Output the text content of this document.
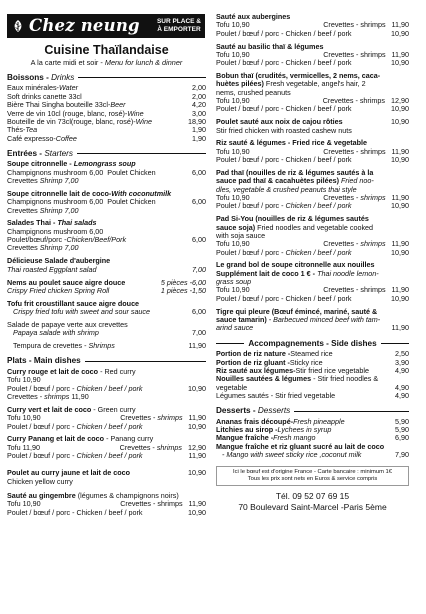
Chez neung	SUR PLACE &
À EMPORTER
Cuisine Thaïlandaise
A la carte midi et soir - Menu for lunch & dinner
Boissons - Drinks
Eaux minérales-Water	2,00
Soft drinks canette 33cl	2,00
Bière Thai Singha bouteille 33cl-Beer	4,20
Verre de vin 10cl (rouge, blanc, rosé)-Wine	3,00
Bouteille de vin 73cl(rouge, blanc, rosé)-Wine	18,90
Thés-Tea	1,90
Café expresso-Coffee	1,90
Entrées - Starters
Soupe citronnelle - Lemongrass soup
Champignons mushroom 6,00 Poulet Chicken	6,00
Crevettes Shrimp 7,00
Soupe citronnelle lait de coco-With coconutmilk
Champignons mushroom 6,00 Poulet Chicken	6,00
Crevettes Shrimp 7,00
Salades Thai - Thai salads
Champignons mushroom 6,00
Poulet/bœuf/porc -Chicken/Beef/Pork	6,00
Crevettes Shrimp 7,00
Délicieuse Salade d'aubergine
Thai roasted Eggplant salad	7,00
Nems au poulet sauce aigre douce	5 pièces -6,00
Crispy Fried chicken Spring Roll	1 pièces -1,50
Tofu frit croustillant sauce aigre douce
Crispy fried tofu with sweet and sour sauce	6,00
Salade de papaye verte aux crevettes
Papaya salade with shrimp	7,00
Tempura de crevettes - Shrimps	11,90
Plats - Main dishes
Curry rouge et lait de coco - Red curry
Tofu 10,90
Poulet / bœuf / porc - Chicken / beef / pork	10,90
Crevettes - shrimps 11,90
Curry vert et lait de coco - Green curry
Tofu 10,90	Crevettes - shrimps 11,90
Poulet / bœuf / porc - Chicken / beef / pork	10,90
Curry Panang et lait de coco - Panang curry
Tofu 11,90	Crevettes - shrimps 12,90
Poulet / bœuf / porc - Chicken / beef / pork	11,90
Poulet au curry jaune et lait de coco	10,90
Chicken yellow curry
Sauté au gingembre (légumes & champignons noirs)
Tofu 10,90	Crevettes - shrimps 11,90
Poulet / bœuf / porc - Chicken / beef / pork	10,90
Sauté aux aubergines
Tofu 10,90	Crevettes - shrimps 11,90
Poulet / bœuf / porc - Chicken / beef / pork	10,90
Sauté au basilic thaï & légumes
Tofu 10,90	Crevettes - shrimps 11,90
Poulet / bœuf / porc - Chicken / beef / pork	10,90
Bobun thaï (crudités, vermicelles, 2 nems, caca-
huètes pilées) Fresh vegetable, angel's hair, 2
nems, crushed peanuts
Tofu 10,90	Crevettes - shrimps 12,90
Poulet / bœuf / porc - Chicken / beef / pork	10,90
Poulet sauté aux noix de cajou rôties	10,90
Stir fried chicken with roasted cashew nuts
Riz sauté & légumes - Fried rice & vegetable
Tofu 10,90	Crevettes - shrimps 11,90
Poulet / bœuf / porc - Chicken / beef / pork	10,90
Pad thaï (nouilles de riz & légumes sautés à la
sauce pad thaï & cacahuètes pilées) Fried noo-
dles, vegetable & crushed peanuts thai style
Tofu 10,90	Crevettes - shrimps 11,90
Poulet / bœuf / porc - Chicken / beef / pork	10,90
Pad Si-You (nouilles de riz & légumes sautés
sauce soja) Fried noodles and vegetable cooked
with soja sauce
Tofu 10,90	Crevettes - shrimps 11,90
Poulet / bœuf / porc - Chicken / beef / pork	10,90
Le grand bol de soupe citronnelle aux nouilles
Supplément lait de coco 1 € - Thai noodle lemon-
grass soup
Tofu 10,90	Crevettes - shrimps 11,90
Poulet / bœuf / porc - Chicken / beef / pork	10,90
Tigre qui pleure (Bœuf émincé, mariné, sauté &
sauce tamarin) - Barbecued minced beef with tam-
arind sauce	11,90
Accompagnements - Side dishes
Portion de riz nature -Steamed rice	2,50
Portion de riz gluant -Sticky rice	3,90
Riz sauté aux légumes-Stir fried rice vegetable	4,90
Nouilles sautées & légumes - Stir fried noodles &
vegetable	4,90
Légumes sautés - Stir fried vegetable	4,90
Desserts - Desserts
Ananas frais découpé-Fresh pineapple	5,90
Litchies au sirop -Lychees in syrup	5,90
Mangue fraîche -Fresh mango	6,90
Mangue fraîche et riz gluant sucré au lait de coco
- Mango with sweet sticky rice ,coconut milk	7,90
Ici le bœuf est d'origine France - Carte bancaire : minimum 1€
Tous les prix sont nets en Euros & service compris
Tél. 09 52 07 69 15
70 Boulevard Saint-Marcel -Paris 5ème
